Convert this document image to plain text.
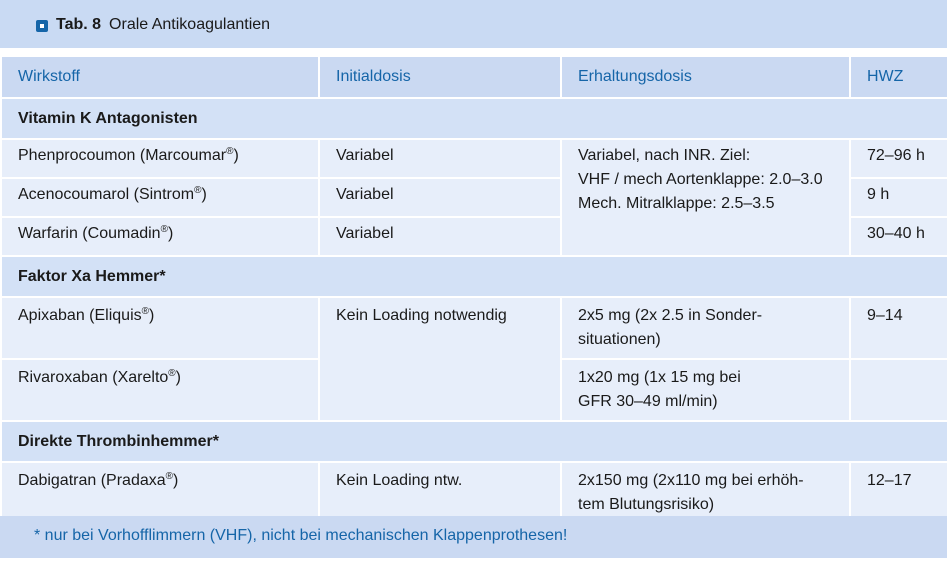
Tab. 8 Orale Antikoagulantien
Wirkstoff	Initialdosis	Erhaltungsdosis	HWZ
Vitamin K Antagonisten			
Phenprocoumon (Marcoumar®)	Variabel	Variabel, nach INR. Ziel:
VHF / mech Aortenklappe: 2.0–3.0
Mech. Mitralklappe: 2.5–3.5	72–96 h
Acenocoumarol (Sintrom®)	Variabel		9 h
Warfarin (Coumadin®)	Variabel		30–40 h
Faktor Xa Hemmer*			
Apixaban (Eliquis®)	Kein Loading notwendig	2x5 mg (2x 2.5 in Sonder-
situationen)	9–14
Rivaroxaban (Xarelto®)		1x20 mg (1x 15 mg bei
GFR 30–49 ml/min)	

Direkte Thrombinhemmer*			
Dabigatran (Pradaxa®)	Kein Loading ntw.	2x150 mg (2x110 mg bei erhöh-
tem Blutungsrisiko)	12–17
* nur bei Vorhofflimmern (VHF), nicht bei mechanischen Klappenprothesen!
